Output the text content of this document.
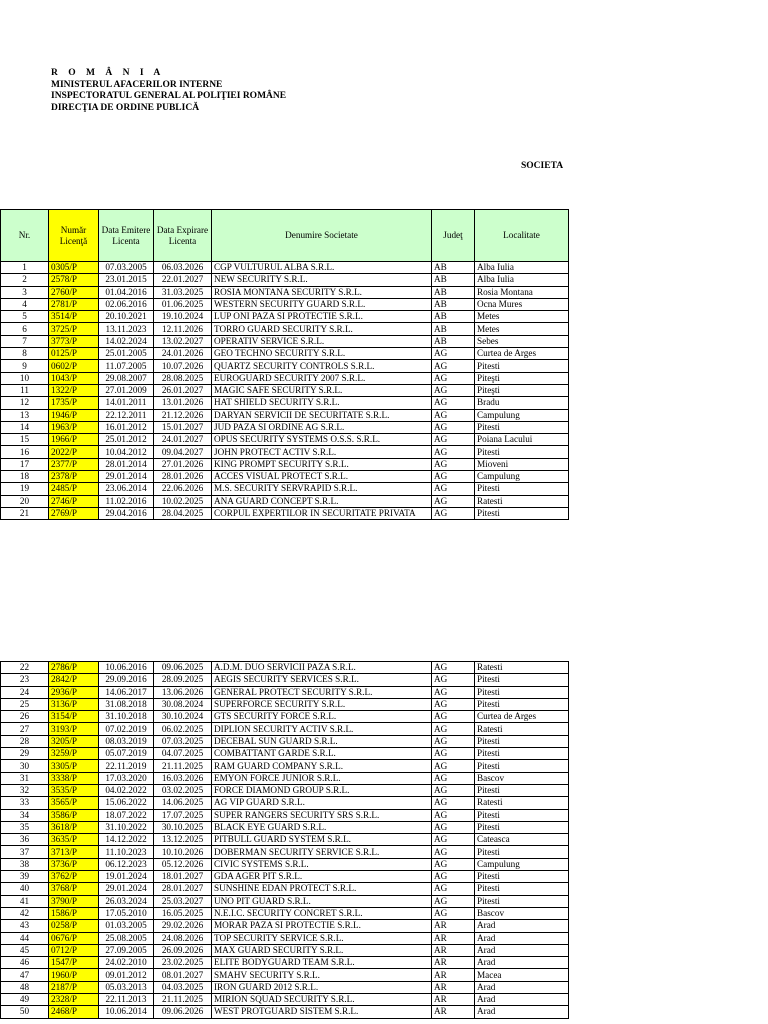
R O M Â N I A
MINISTERUL AFACERILOR INTERNE
INSPECTORATUL GENERAL AL POLIŢIEI ROMÂNE
DIRECŢIA DE ORDINE PUBLICĂ
SOCIETA
Nr.	Număr Licenţă	Data Emitere Licenta	Data Expirare Licenta	Denumire Societate	Judeţ	Localitate
1	0305/P	07.03.2005	06.03.2026	CGP VULTURUL ALBA S.R.L.	AB	Alba Iulia
2	2578/P	23.01.2015	22.01.2027	NEW SECURITY S.R.L.	AB	Alba Iulia
3	2760/P	01.04.2016	31.03.2025	ROSIA MONTANA SECURITY S.R.L.	AB	Rosia Montana
4	2781/P	02.06.2016	01.06.2025	WESTERN SECURITY GUARD S.R.L.	AB	Ocna Mures
5	3514/P	20.10.2021	19.10.2024	LUP ONI PAZA SI PROTECTIE S.R.L.	AB	Metes
6	3725/P	13.11.2023	12.11.2026	TORRO GUARD SECURITY S.R.L.	AB	Metes
7	3773/P	14.02.2024	13.02.2027	OPERATIV SERVICE S.R.L.	AB	Sebes
8	0125/P	25.01.2005	24.01.2026	GEO TECHNO SECURITY S.R.L.	AG	Curtea de Arges
9	0602/P	11.07.2005	10.07.2026	QUARTZ SECURITY CONTROLS S.R.L.	AG	Pitesti
10	1043/P	29.08.2007	28.08.2025	EUROGUARD SECURITY 2007 S.R.L.	AG	Piteşti
11	1322/P	27.01.2009	26.01.2027	MAGIC SAFE SECURITY S.R.L.	AG	Piteşti
12	1735/P	14.01.2011	13.01.2026	HAT SHIELD SECURITY S.R.L.	AG	Bradu
13	1946/P	22.12.2011	21.12.2026	DARYAN SERVICII DE SECURITATE S.R.L.	AG	Campulung
14	1963/P	16.01.2012	15.01.2027	JUD PAZA SI ORDINE AG S.R.L.	AG	Pitesti
15	1966/P	25.01.2012	24.01.2027	OPUS SECURITY SYSTEMS O.S.S. S.R.L.	AG	Poiana Lacului
16	2022/P	10.04.2012	09.04.2027	JOHN PROTECT ACTIV S.R.L.	AG	Pitesti
17	2377/P	28.01.2014	27.01.2026	KING PROMPT SECURITY S.R.L.	AG	Mioveni
18	2378/P	29.01.2014	28.01.2026	ACCES VISUAL PROTECT S.R.L.	AG	Campulung
19	2485/P	23.06.2014	22.06.2026	M.S. SECURITY SERVRAPID S.R.L.	AG	Pitesti
20	2746/P	11.02.2016	10.02.2025	ANA GUARD CONCEPT S.R.L.	AG	Ratesti
21	2769/P	29.04.2016	28.04.2025	CORPUL EXPERTILOR IN SECURITATE PRIVATA	AG	Pitesti
22	2786/P	10.06.2016	09.06.2025	A.D.M. DUO SERVICII PAZA S.R.L.	AG	Ratesti
23	2842/P	29.09.2016	28.09.2025	AEGIS SECURITY SERVICES S.R.L.	AG	Pitesti
24	2936/P	14.06.2017	13.06.2026	GENERAL PROTECT SECURITY S.R.L.	AG	Pitesti
25	3136/P	31.08.2018	30.08.2024	SUPERFORCE SECURITY S.R.L.	AG	Pitesti
26	3154/P	31.10.2018	30.10.2024	GTS SECURITY FORCE S.R.L.	AG	Curtea de Arges
27	3193/P	07.02.2019	06.02.2025	DIPLION SECURITY ACTIV S.R.L.	AG	Ratesti
28	3205/P	08.03.2019	07.03.2025	DECEBAL SUN GUARD S.R.L.	AG	Pitesti
29	3259/P	05.07.2019	04.07.2025	COMBATTANT GARDE S.R.L.	AG	Pitesti
30	3305/P	22.11.2019	21.11.2025	RAM GUARD COMPANY S.R.L.	AG	Pitesti
31	3338/P	17.03.2020	16.03.2026	EMYON FORCE JUNIOR S.R.L.	AG	Bascov
32	3535/P	04.02.2022	03.02.2025	FORCE DIAMOND GROUP S.R.L.	AG	Pitesti
33	3565/P	15.06.2022	14.06.2025	AG VIP GUARD S.R.L.	AG	Ratesti
34	3586/P	18.07.2022	17.07.2025	SUPER RANGERS SECURITY SRS S.R.L.	AG	Pitesti
35	3618/P	31.10.2022	30.10.2025	BLACK EYE GUARD S.R.L.	AG	Pitesti
36	3635/P	14.12.2022	13.12.2025	PITBULL GUARD SYSTEM S.R.L.	AG	Cateasca
37	3713/P	11.10.2023	10.10.2026	DOBERMAN SECURITY SERVICE S.R.L.	AG	Pitesti
38	3736/P	06.12.2023	05.12.2026	CIVIC SYSTEMS S.R.L.	AG	Campulung
39	3762/P	19.01.2024	18.01.2027	GDA AGER PIT S.R.L.	AG	Pitesti
40	3768/P	29.01.2024	28.01.2027	SUNSHINE EDAN PROTECT S.R.L.	AG	Pitesti
41	3790/P	26.03.2024	25.03.2027	UNO PIT GUARD S.R.L.	AG	Pitesti
42	1586/P	17.05.2010	16.05.2025	N.E.I.C. SECURITY CONCRET S.R.L.	AG	Bascov
43	0258/P	01.03.2005	29.02.2026	MORAR PAZA SI PROTECTIE S.R.L.	AR	Arad
44	0676/P	25.08.2005	24.08.2026	TOP SECURITY SERVICE S.R.L.	AR	Arad
45	0712/P	27.09.2005	26.09.2026	MAX GUARD SECURITY S.R.L.	AR	Arad
46	1547/P	24.02.2010	23.02.2025	ELITE BODYGUARD TEAM S.R.L.	AR	Arad
47	1960/P	09.01.2012	08.01.2027	SMAHV SECURITY S.R.L.	AR	Macea
48	2187/P	05.03.2013	04.03.2025	IRON GUARD 2012 S.R.L.	AR	Arad
49	2328/P	22.11.2013	21.11.2025	MIRION SQUAD SECURITY S.R.L.	AR	Arad
50	2468/P	10.06.2014	09.06.2026	WEST PROTGUARD SISTEM S.R.L.	AR	Arad
